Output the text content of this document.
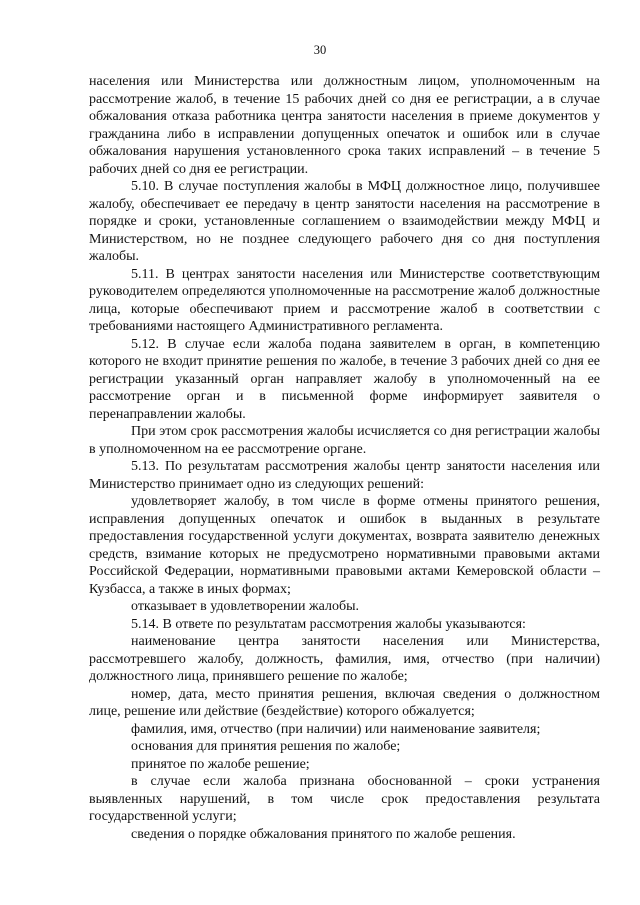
30

населения или Министерства или должностным лицом, уполномоченным на рассмотрение жалоб, в течение 15 рабочих дней со дня ее регистрации, а в случае обжалования отказа работника центра занятости населения в приеме документов у гражданина либо в исправлении допущенных опечаток и ошибок или в случае обжалования нарушения установленного срока таких исправлений – в течение 5 рабочих дней со дня ее регистрации.

5.10. В случае поступления жалобы в МФЦ должностное лицо, получившее жалобу, обеспечивает ее передачу в центр занятости населения на рассмотрение в порядке и сроки, установленные соглашением о взаимодействии между МФЦ и Министерством, но не позднее следующего рабочего дня со дня поступления жалобы.

5.11. В центрах занятости населения или Министерстве соответствующим руководителем определяются уполномоченные на рассмотрение жалоб должностные лица, которые обеспечивают прием и рассмотрение жалоб в соответствии с требованиями настоящего Административного регламента.

5.12. В случае если жалоба подана заявителем в орган, в компетенцию которого не входит принятие решения по жалобе, в течение 3 рабочих дней со дня ее регистрации указанный орган направляет жалобу в уполномоченный на ее рассмотрение орган и в письменной форме информирует заявителя о перенаправлении жалобы.

При этом срок рассмотрения жалобы исчисляется со дня регистрации жалобы в уполномоченном на ее рассмотрение органе.

5.13. По результатам рассмотрения жалобы центр занятости населения или Министерство принимает одно из следующих решений:

удовлетворяет жалобу, в том числе в форме отмены принятого решения, исправления допущенных опечаток и ошибок в выданных в результате предоставления государственной услуги документах, возврата заявителю денежных средств, взимание которых не предусмотрено нормативными правовыми актами Российской Федерации, нормативными правовыми актами Кемеровской области – Кузбасса, а также в иных формах;

отказывает в удовлетворении жалобы.

5.14. В ответе по результатам рассмотрения жалобы указываются:

наименование центра занятости населения или Министерства, рассмотревшего жалобу, должность, фамилия, имя, отчество (при наличии) должностного лица, принявшего решение по жалобе;

номер, дата, место принятия решения, включая сведения о должностном лице, решение или действие (бездействие) которого обжалуется;

фамилия, имя, отчество (при наличии) или наименование заявителя;

основания для принятия решения по жалобе;

принятое по жалобе решение;

в случае если жалоба признана обоснованной – сроки устранения выявленных нарушений, в том числе срок предоставления результата государственной услуги;

сведения о порядке обжалования принятого по жалобе решения.
